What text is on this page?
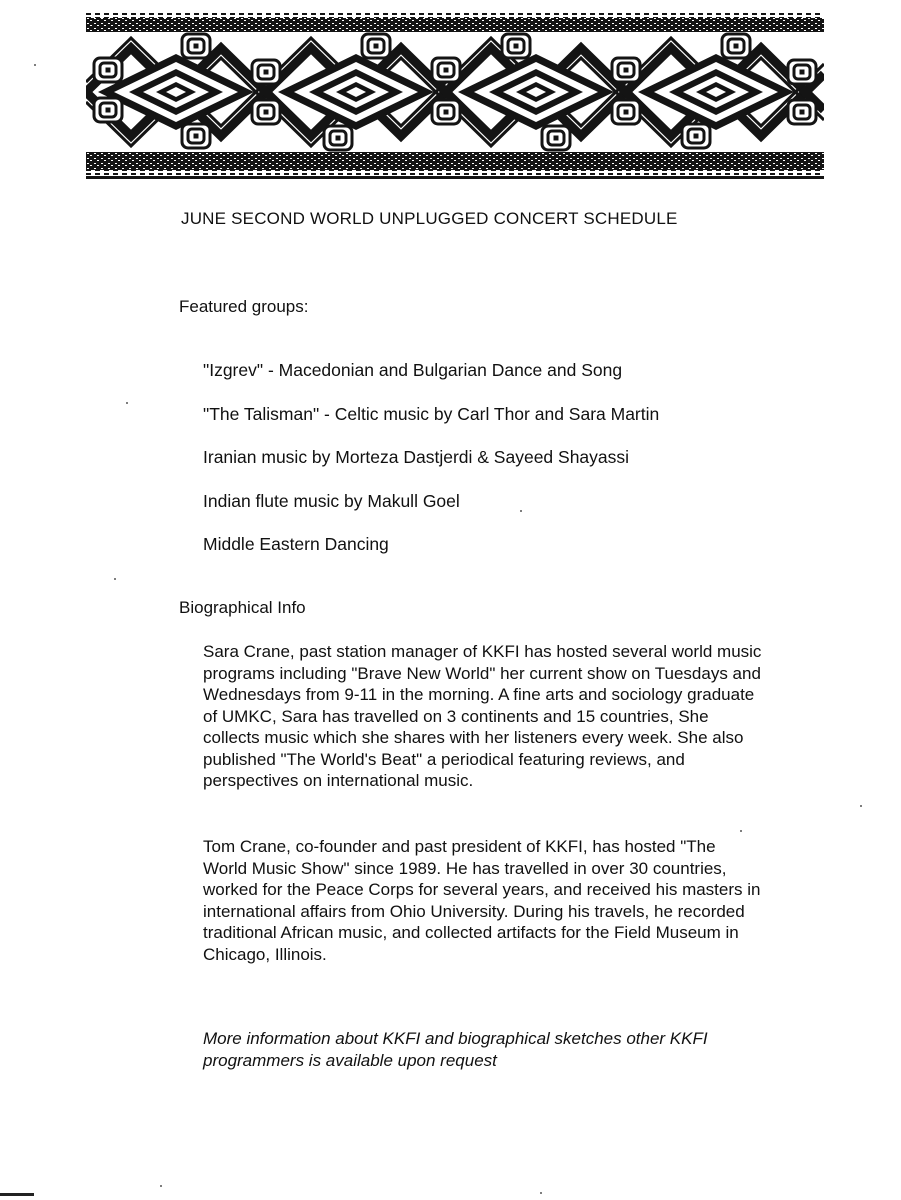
JUNE SECOND WORLD UNPLUGGED CONCERT SCHEDULE
Featured groups:
"Izgrev" - Macedonian and Bulgarian Dance and Song
"The Talisman" - Celtic music by Carl Thor and Sara Martin
Iranian music by Morteza Dastjerdi & Sayeed Shayassi
Indian flute music by Makull Goel
Middle Eastern Dancing
Biographical Info

Sara Crane, past station manager of KKFI has hosted several world music programs including "Brave New World" her current show on Tuesdays and Wednesdays from 9-11 in the morning. A fine arts and sociology graduate of UMKC, Sara has travelled on 3 continents and 15 countries, She collects music which she shares with her listeners every week. She also published "The World's Beat" a periodical featuring reviews, and perspectives on international music.

Tom Crane, co-founder and past president of KKFI, has hosted "The World Music Show" since 1989. He has travelled in over 30 countries, worked for the Peace Corps for several years, and received his masters in international affairs from Ohio University. During his travels, he recorded traditional African music, and collected artifacts for the Field Museum in Chicago, Illinois.

More information about KKFI and biographical sketches other KKFI programmers is available upon request
